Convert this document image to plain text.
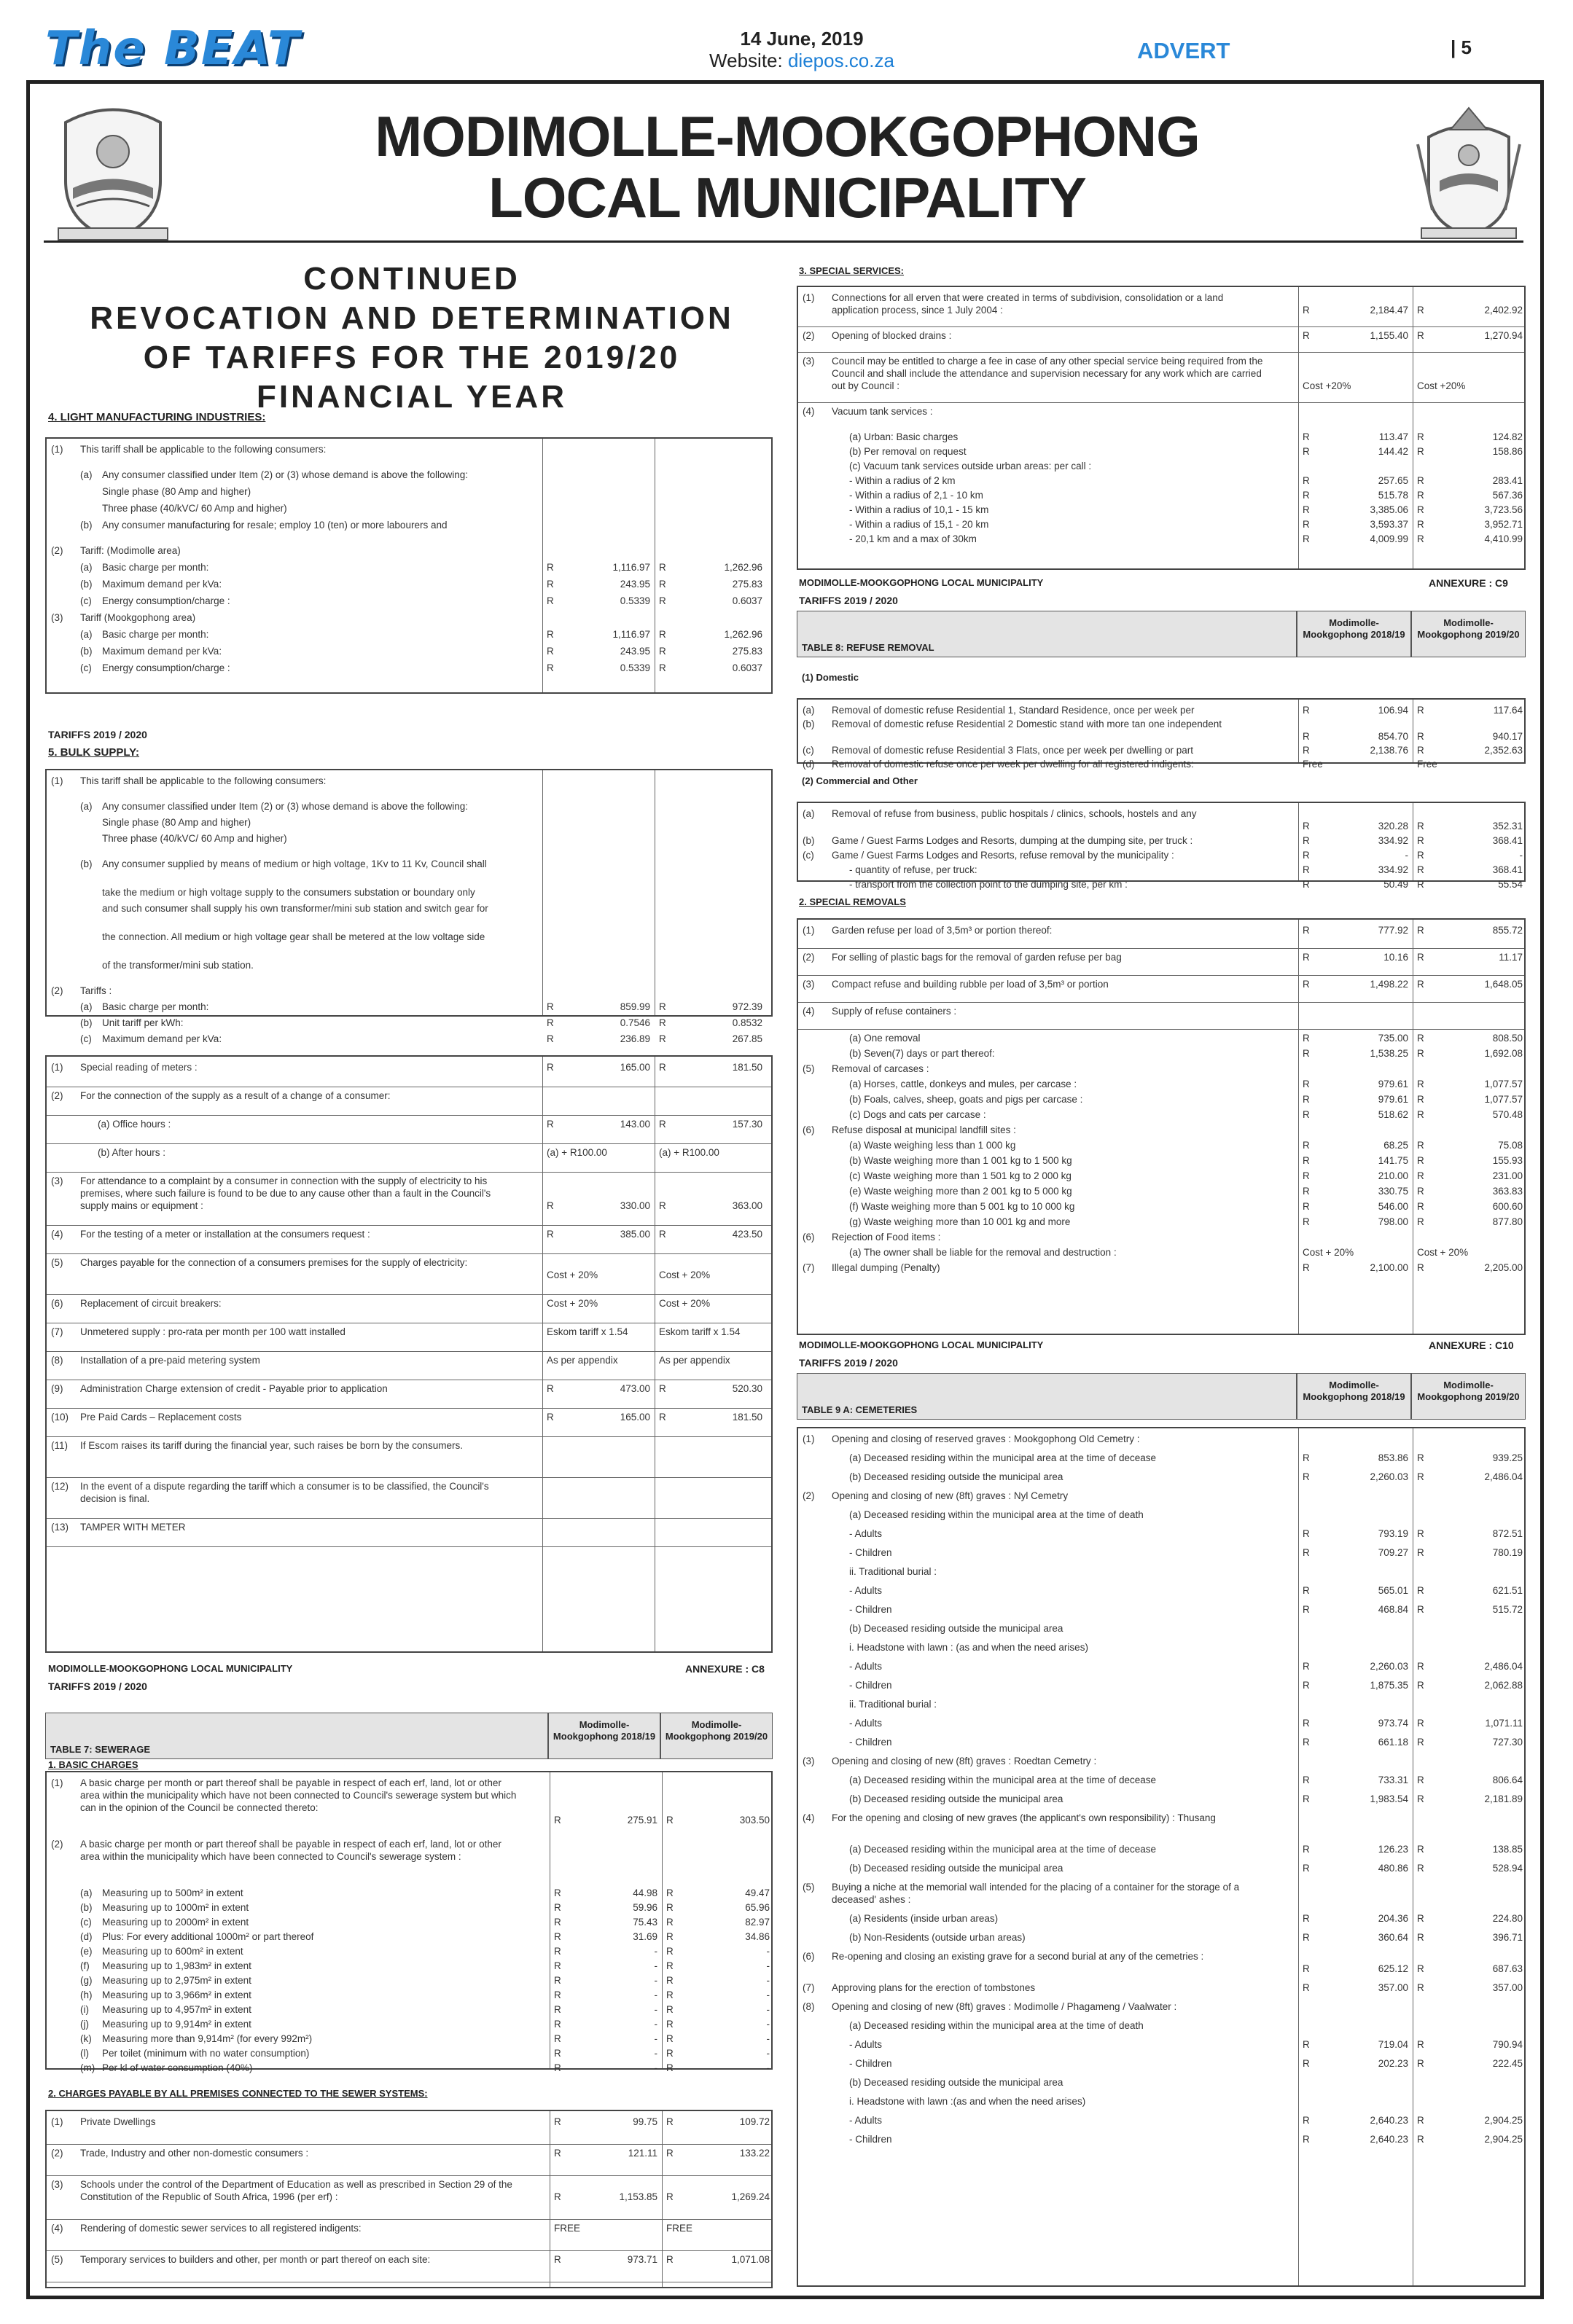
The BEAT	14 June, 2019
Website: diepos.co.za	ADVERT	| 5
MODIMOLLE-MOOKGOPHONG
LOCAL MUNICIPALITY
CONTINUED
REVOCATION AND DETERMINATION
OF TARIFFS FOR THE 2019/20
FINANCIAL YEAR
4. LIGHT MANUFACTURING INDUSTRIES:
(1) This tariff shall be applicable to the following consumers:
(a) Any consumer classified under Item (2) or (3) whose demand is above the following:
Single phase (80 Amp and higher)
Three phase (40/kVC/ 60 Amp and higher)
(b) Any consumer manufacturing for resale; employ 10 (ten) or more labourers and
(2) Tariff: (Modimolle area)
(a) Basic charge per month:	R	1,116.97 R	1,262.96
(b) Maximum demand per kVa:	R	243.95 R	275.83
(c) Energy consumption/charge :	R	0.5339 R	0.6037
(3) Tariff (Mookgophong area)
(a) Basic charge per month:	R	1,116.97 R	1,262.96
(b) Maximum demand per kVa:	R	243.95 R	275.83
(c) Energy consumption/charge :	R	0.5339 R	0.6037
TARIFFS 2019 / 2020
5. BULK SUPPLY:
(1) This tariff shall be applicable to the following consumers:
(a) Any consumer classified under Item (2) or (3) whose demand is above the following:
Single phase (80 Amp and higher)
Three phase (40/kVC/ 60 Amp and higher)
(b) Any consumer supplied by means of medium or high voltage, 1Kv to 11 Kv, Council shall
take the medium or high voltage supply to the consumers substation or boundary only
and such consumer shall supply his own transformer/mini sub station and switch gear for
the connection. All medium or high voltage gear shall be metered at the low voltage side
of the transformer/mini sub station.
(2) Tariffs :
(a) Basic charge per month:	R	859.99 R	972.39
(b) Unit tariff per kWh:	R	0.7546 R	0.8532
(c) Maximum demand per kVa:	R	236.89 R	267.85
(1) Special reading of meters :	R	165.00 R	181.50
(2) For the connection of the supply as a result of a change of a consumer:
(a) Office hours :	R	143.00 R	157.30
(b) After hours :	(a) + R100.00	(a) + R100.00
(3) For attendance to a complaint by a consumer in connection with the supply of electricity to his premises, where such failure is found to be due to any cause other than a fault in the Council's supply mains or equipment :	R	330.00 R	363.00
(4) For the testing of a meter or installation at the consumers request :	R	385.00 R	423.50
(5) Charges payable for the connection of a consumers premises for the supply of electricity:
Cost + 20%	Cost + 20%
(6) Replacement of circuit breakers:	Cost + 20%	Cost + 20%
(7) Unmetered supply : pro-rata per month per 100 watt installed	Eskom tariff x 1.54	Eskom tariff x 1.54
(8) Installation of a pre-paid metering system	As per appendix	As per appendix
(9) Administration Charge extension of credit - Payable prior to application	R	473.00 R	520.30
(10) Pre Paid Cards – Replacement costs	R	165.00 R	181.50
(11) If Escom raises its tariff during the financial year, such raises be born by the consumers.
(12) In the event of a dispute regarding the tariff which a consumer is to be classified, the Council's decision is final.
(13) TAMPER WITH METER
MODIMOLLE-MOOKGOPHONG LOCAL MUNICIPALITY	ANNEXURE : C8
TARIFFS 2019 / 2020
TABLE 7: SEWERAGE
Modimolle-Mookgophong 2018/19
Modimolle-Mookgophong 2019/20
1. BASIC CHARGES
(1) A basic charge per month or part thereof shall be payable in respect of each erf, land, lot or other area within the municipality which have not been connected to Council's sewerage system but which can in the opinion of the Council be connected thereto:
R	275.91 R	303.50
(2) A basic charge per month or part thereof shall be payable in respect of each erf, land, lot or other area within the municipality which have been connected to Council's sewerage system :
(a) Measuring up to 500m² in extent	R	44.98 R	49.47
(b) Measuring up to 1000m² in extent	R	59.96 R	65.96
(c) Measuring up to 2000m² in extent	R	75.43 R	82.97
(d) Plus: For every additional 1000m² or part thereof	R	31.69 R	34.86
(e) Measuring up to 600m² in extent	R	- R	-
(f) Measuring up to 1,983m² in extent	R	- R	-
(g) Measuring up to 2,975m² in extent	R	- R	-
(h) Measuring up to 3,966m² in extent	R	- R	-
(i) Measuring up to 4,957m² in extent	R	- R	-
(j) Measuring up to 9,914m² in extent	R	- R	-
(k) Measuring more than 9,914m² (for every 992m²)	R	- R	-
(l) Per toilet (minimum with no water consumption)	R	- R	-
(m) Per kl of water consumption (40%)	R	- R	-
2. CHARGES PAYABLE BY ALL PREMISES CONNECTED TO THE SEWER SYSTEMS:
(1) Private Dwellings	R	99.75 R	109.72
(2) Trade, Industry and other non-domestic consumers :	R	121.11 R	133.22
(3) Schools under the control of the Department of Education as well as prescribed in Section 29 of the Constitution of the Republic of South Africa, 1996 (per erf) :	R	1,153.85 R	1,269.24
(4) Rendering of domestic sewer services to all registered indigents:	FREE	FREE
(5) Temporary services to builders and other, per month or part thereof on each site:	R	973.71 R	1,071.08
3. SPECIAL SERVICES:
(1) Connections for all erven that were created in terms of subdivision, consolidation or a land application process, since 1 July 2004 :	R	2,184.47 R	2,402.92
(2) Opening of blocked drains :	R	1,155.40 R	1,270.94
(3) Council may be entitled to charge a fee in case of any other special service being required from the Council and shall include the attendance and supervision necessary for any work which are carried out by Council :	Cost +20%	Cost +20%
(4) Vacuum tank services :
(a) Urban: Basic charges	R	113.47 R	124.82
(b) Per removal on request	R	144.42 R	158.86
(c) Vacuum tank services outside urban areas: per call :
- Within a radius of 2 km	R	257.65 R	283.41
- Within a radius of 2,1 - 10 km	R	515.78 R	567.36
- Within a radius of 10,1 - 15 km	R	3,385.06 R	3,723.56
- Within a radius of 15,1 - 20 km	R	3,593.37 R	3,952.71
- 20,1 km and a max of 30km	R	4,009.99 R	4,410.99
MODIMOLLE-MOOKGOPHONG LOCAL MUNICIPALITY	ANNEXURE : C9
TARIFFS 2019 / 2020
TABLE 8: REFUSE REMOVAL
Modimolle-Mookgophong 2018/19
Modimolle-Mookgophong 2019/20
(1) Domestic
(a) Removal of domestic refuse Residential 1, Standard Residence, once per week per	R	106.94 R	117.64
(b) Removal of domestic refuse Residential 2 Domestic stand with more tan one independent
R	854.70 R	940.17
(c) Removal of domestic refuse Residential 3 Flats, once per week per dwelling or part	R	2,138.76 R	2,352.63
(d) Removal of domestic refuse once per week per dwelling for all registered indigents:	Free	Free
(2) Commercial and Other
(a) Removal of refuse from business, public hospitals / clinics, schools, hostels and any
R	320.28 R	352.31
(b) Game / Guest Farms Lodges and Resorts, dumping at the dumping site, per truck :	R	334.92 R	368.41
(c) Game / Guest Farms Lodges and Resorts, refuse removal by the municipality :	R	- R	-
- quantity of refuse, per truck:	R	334.92 R	368.41
- transport from the collection point to the dumping site, per km :	R	50.49 R	55.54
2. SPECIAL REMOVALS
(1) Garden refuse per load of 3,5m³ or portion thereof:	R	777.92 R	855.72
(2) For selling of plastic bags for the removal of garden refuse per bag	R	10.16 R	11.17
(3) Compact refuse and building rubble per load of 3,5m³ or portion	R	1,498.22 R	1,648.05
(4) Supply of refuse containers :
(a) One removal	R	735.00 R	808.50
(b) Seven(7) days or part thereof:	R	1,538.25 R	1,692.08
(5) Removal of carcases :
(a) Horses, cattle, donkeys and mules, per carcase :	R	979.61 R	1,077.57
(b) Foals, calves, sheep, goats and pigs per carcase :	R	979.61 R	1,077.57
(c) Dogs and cats per carcase :	R	518.62 R	570.48
(6) Refuse disposal at municipal landfill sites :
(a) Waste weighing less than 1 000 kg	R	68.25 R	75.08
(b) Waste weighing more than 1 001 kg to 1 500 kg	R	141.75 R	155.93
(c) Waste weighing more than 1 501 kg to 2 000 kg	R	210.00 R	231.00
(e) Waste weighing more than 2 001 kg to 5 000 kg	R	330.75 R	363.83
(f) Waste weighing more than 5 001 kg to 10 000 kg	R	546.00 R	600.60
(g) Waste weighing more than 10 001 kg and more	R	798.00 R	877.80
(6) Rejection of Food items :
(a) The owner shall be liable for the removal and destruction :	Cost + 20%	Cost + 20%
(7) Illegal dumping (Penalty)	R	2,100.00 R	2,205.00
MODIMOLLE-MOOKGOPHONG LOCAL MUNICIPALITY	ANNEXURE : C10
TARIFFS 2019 / 2020
TABLE 9 A: CEMETERIES
Modimolle-Mookgophong 2018/19
Modimolle-Mookgophong 2019/20
(1) Opening and closing of reserved graves : Mookgophong Old Cemetry :
(a) Deceased residing within the municipal area at the time of decease	R	853.86 R	939.25
(b) Deceased residing outside the municipal area	R	2,260.03 R	2,486.04
(2) Opening and closing of new (8ft) graves : Nyl Cemetry
(a) Deceased residing within the municipal area at the time of death
- Adults	R	793.19 R	872.51
- Children	R	709.27 R	780.19
ii. Traditional burial :
- Adults	R	565.01 R	621.51
- Children	R	468.84 R	515.72
(b) Deceased residing outside the municipal area
i. Headstone with lawn : (as and when the need arises)
- Adults	R	2,260.03 R	2,486.04
- Children	R	1,875.35 R	2,062.88
ii. Traditional burial :
- Adults	R	973.74 R	1,071.11
- Children	R	661.18 R	727.30
(3) Opening and closing of new (8ft) graves : Roedtan Cemetry :
(a) Deceased residing within the municipal area at the time of decease	R	733.31 R	806.64
(b) Deceased residing outside the municipal area	R	1,983.54 R	2,181.89
(4) For the opening and closing of new graves (the applicant's own responsibility) : Thusang
(a) Deceased residing within the municipal area at the time of decease	R	126.23 R	138.85
(b) Deceased residing outside the municipal area	R	480.86 R	528.94
(5) Buying a niche at the memorial wall intended for the placing of a container for the storage of a deceased' ashes :
(a) Residents (inside urban areas)	R	204.36 R	224.80
(b) Non-Residents (outside urban areas)	R	360.64 R	396.71
(6) Re-opening and closing an existing grave for a second burial at any of the cemetries :
R	625.12 R	687.63
(7) Approving plans for the erection of tombstones	R	357.00 R	357.00
(8) Opening and closing of new (8ft) graves : Modimolle / Phagameng / Vaalwater :
(a) Deceased residing within the municipal area at the time of death
- Adults	R	719.04 R	790.94
- Children	R	202.23 R	222.45
(b) Deceased residing outside the municipal area
i. Headstone with lawn :(as and when the need arises)
- Adults	R	2,640.23 R	2,904.25
- Children	R	2,640.23 R	2,904.25
